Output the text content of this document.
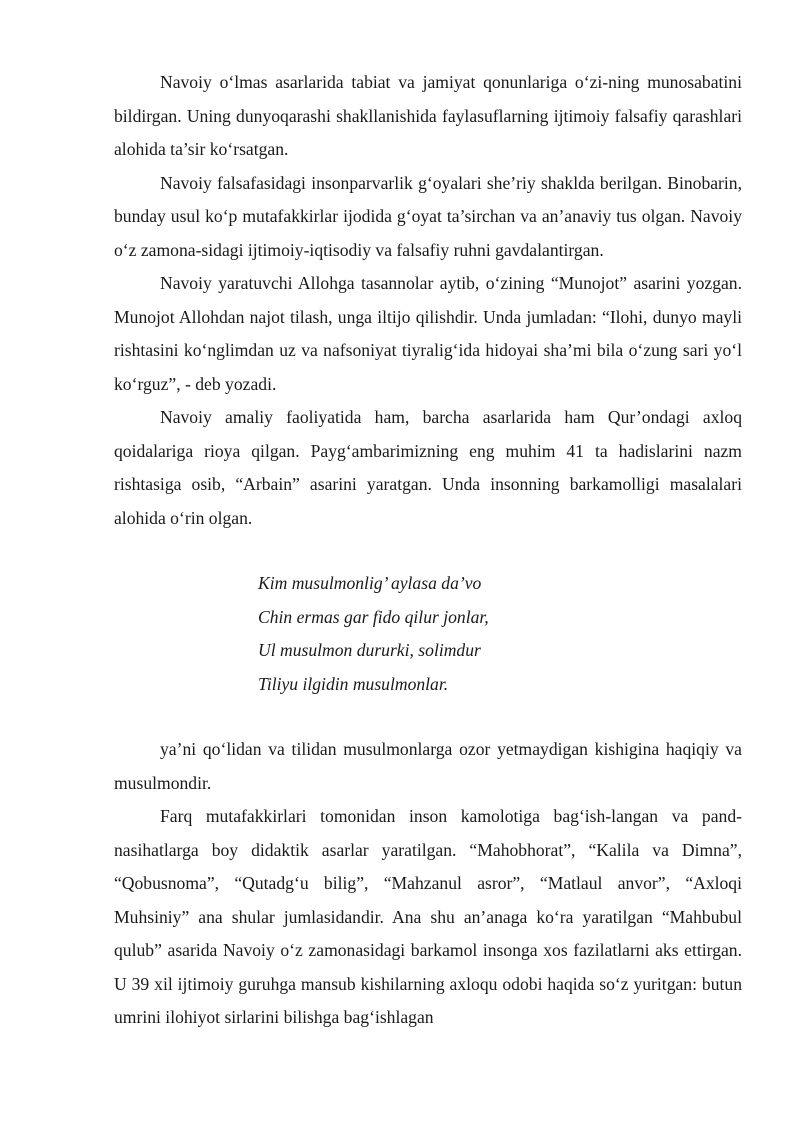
Navoiy o‘lmas asarlarida tabiat va jamiyat qonunlariga o‘zi-ning munosabatini bildirgan. Uning dunyoqarashi shakllanishida faylasuflarning ijtimoiy falsafiy qarashlari alohida ta’sir ko‘rsatgan.

Navoiy falsafasidagi insonparvarlik g‘oyalari she’riy shaklda berilgan. Binobarin, bunday usul ko‘p mutafakkirlar ijodida g‘oyat ta’sirchan va an’anaviy tus olgan. Navoiy o‘z zamona-sidagi ijtimoiy-iqtisodiy va falsafiy ruhni gavdalantirgan.

Navoiy yaratuvchi Allohga tasannolar aytib, o‘zining “Munojot” asarini yozgan. Munojot Allohdan najot tilash, unga iltijo qilishdir. Unda jumladan: “Ilohi, dunyo mayli rishtasini ko‘nglimdan uz va nafsoniyat tiyralig‘ida hidoyai sha’mi bila o‘zung sari yo‘l ko‘rguz”, - deb yozadi.

Navoiy amaliy faoliyatida ham, barcha asarlarida ham Qur’ondagi axloq qoidalariga rioya qilgan. Payg‘ambarimizning eng muhim 41 ta hadislarini nazm rishtasiga osib, “Arbain” asarini yaratgan. Unda insonning barkamolligi masalalari alohida o‘rin olgan.

Kim musulmonlig’ aylasa da’vo
Chin ermas gar fido qilur jonlar,
Ul musulmon dururki, solimdur
Tiliyu ilgidin musulmonlar.

ya’ni qo‘lidan va tilidan musulmonlarga ozor yetmaydigan kishigina haqiqiy va musulmondir.

Farq mutafakkirlari tomonidan inson kamolotiga bag‘ish-langan va pand-nasihatlarga boy didaktik asarlar yaratilgan. “Mahobhorat”, “Kalila va Dimna”, “Qobusnoma”, “Qutadg‘u bilig”, “Mahzanul asror”, “Matlaul anvor”, “Axloqi Muhsiniy” ana shular jumlasidandir. Ana shu an’anaga ko‘ra yaratilgan “Mahbubul qulub” asarida Navoiy o‘z zamonasidagi barkamol insonga xos fazilatlarni aks ettirgan. U 39 xil ijtimoiy guruhga mansub kishilarning axloqu odobi haqida so‘z yuritgan: butun umrini ilohiyot sirlarini bilishga bag‘ishlagan
